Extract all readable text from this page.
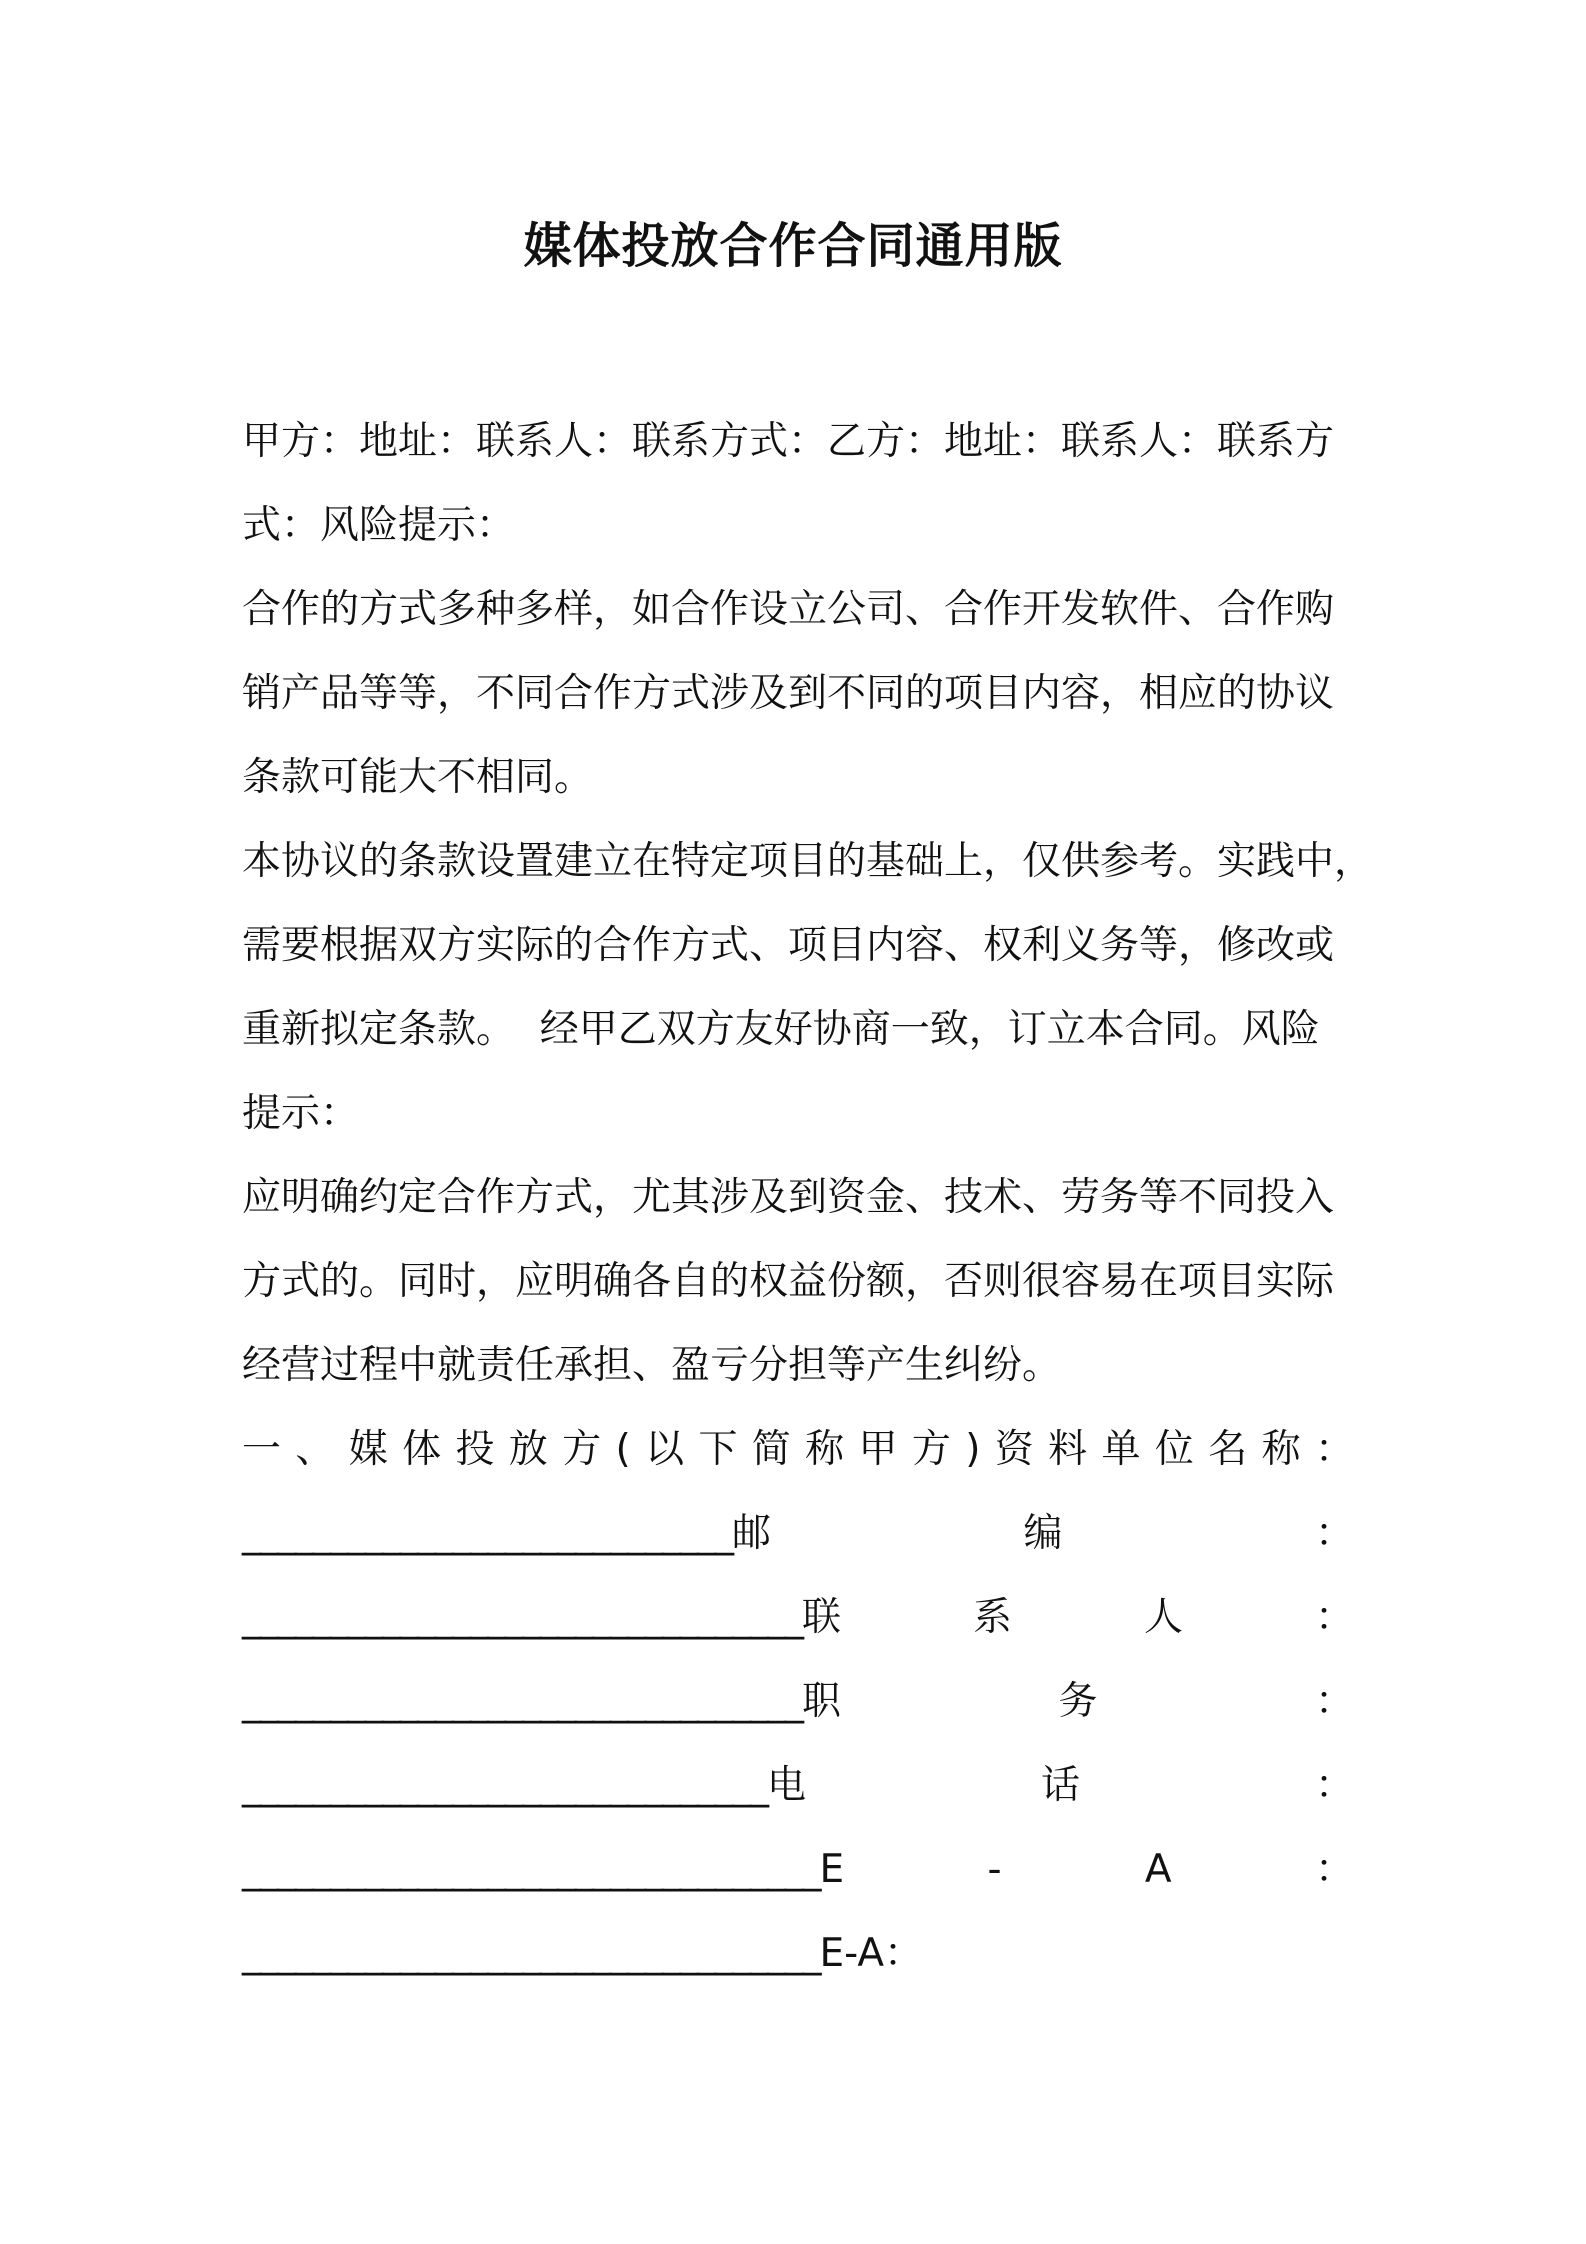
媒体投放合作合同通用版

甲方：地址：联系人：联系方式：乙方：地址：联系人：联系方

式：风险提示：

合作的方式多种多样，如合作设立公司、合作开发软件、合作购

销产品等等，不同合作方式涉及到不同的项目内容，相应的协议

条款可能大不相同。

本协议的条款设置建立在特定项目的基础上，仅供参考。实践中，

需要根据双方实际的合作方式、项目内容、权利义务等，修改或

重新拟定条款。  经甲乙双方友好协商一致，订立本合同。风险

提示：

应明确约定合作方式，尤其涉及到资金、技术、劳务等不同投入

方式的。同时，应明确各自的权益份额，否则很容易在项目实际

经营过程中就责任承担、盈亏分担等产生纠纷。

一 、 媒 体 投 放 方 ( 以 下 简 称 甲 方 ) 资 料 单 位 名 称 ：

____________________________ 邮	编	：

________________________________ 联	系	人	：

________________________________ 职	务	：

______________________________ 电	话	：

_________________________________ E	-	A	：

_________________________________E-A：
